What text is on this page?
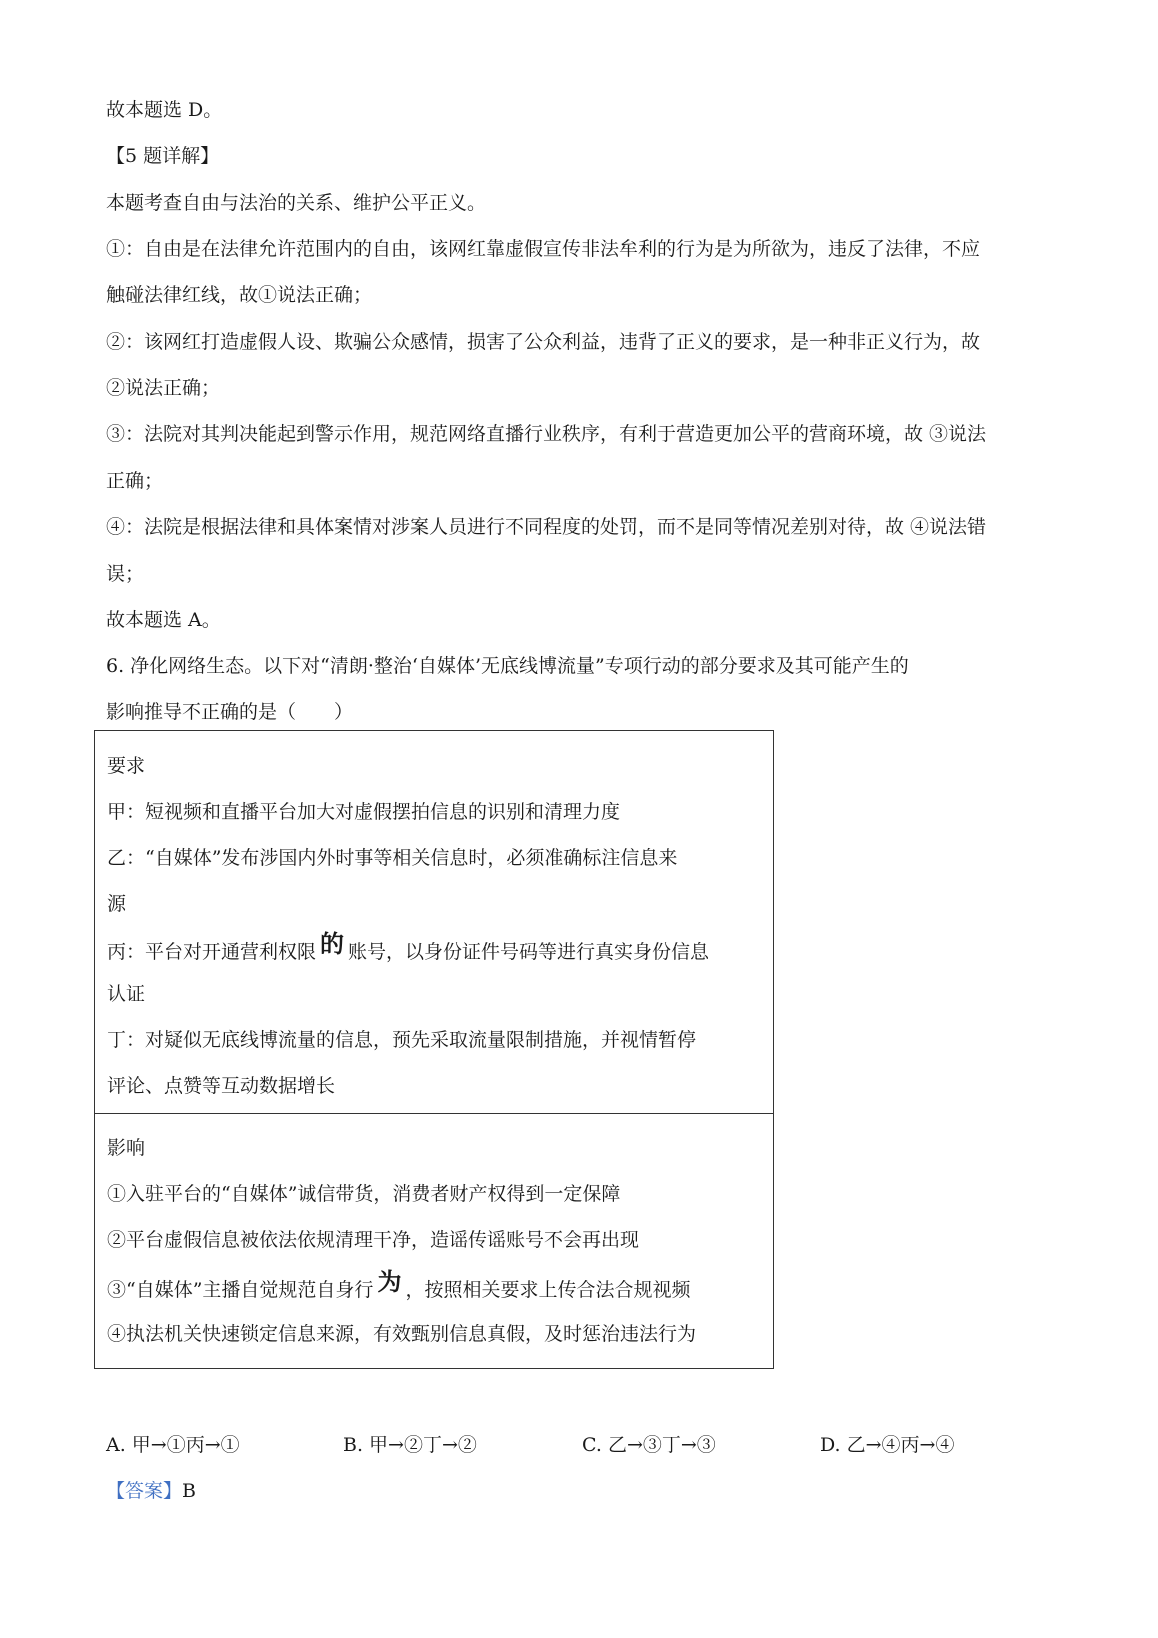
故本题选 D。
【5 题详解】
本题考查自由与法治的关系、维护公平正义。
①：自由是在法律允许范围内的自由，该网红靠虚假宣传非法牟利的行为是为所欲为，违反了法律，不应
触碰法律红线，故①说法正确；
②：该网红打造虚假人设、欺骗公众感情，损害了公众利益，违背了正义的要求，是一种非正义行为，故
②说法正确；
③：法院对其判决能起到警示作用，规范网络直播行业秩序，有利于营造更加公平的营商环境，故 ③说法
正确；
④：法院是根据法律和具体案情对涉案人员进行不同程度的处罚，而不是同等情况差别对待，故 ④说法错
误；
故本题选 A。
6. 净化网络生态。以下对“清朗·整治‘自媒体’无底线博流量”专项行动的部分要求及其可能产生的
影响推导不正确的是（　　）
要求
甲：短视频和直播平台加大对虚假摆拍信息的识别和清理力度
乙：“自媒体”发布涉国内外时事等相关信息时，必须准确标注信息来
源
丙：平台对开通营利权限 的 账号，以身份证件号码等进行真实身份信息
认证
丁：对疑似无底线博流量的信息，预先采取流量限制措施，并视情暂停
评论、点赞等互动数据增长
影响
①入驻平台的“自媒体”诚信带货，消费者财产权得到一定保障
②平台虚假信息被依法依规清理干净，造谣传谣账号不会再出现
③“自媒体”主播自觉规范自身行 为 ，按照相关要求上传合法合规视频
④执法机关快速锁定信息来源，有效甄别信息真假，及时惩治违法行为
A. 甲→①丙→①	B. 甲→②丁→②	C. 乙→③丁→③	D. 乙→④丙→④
【答案】B
